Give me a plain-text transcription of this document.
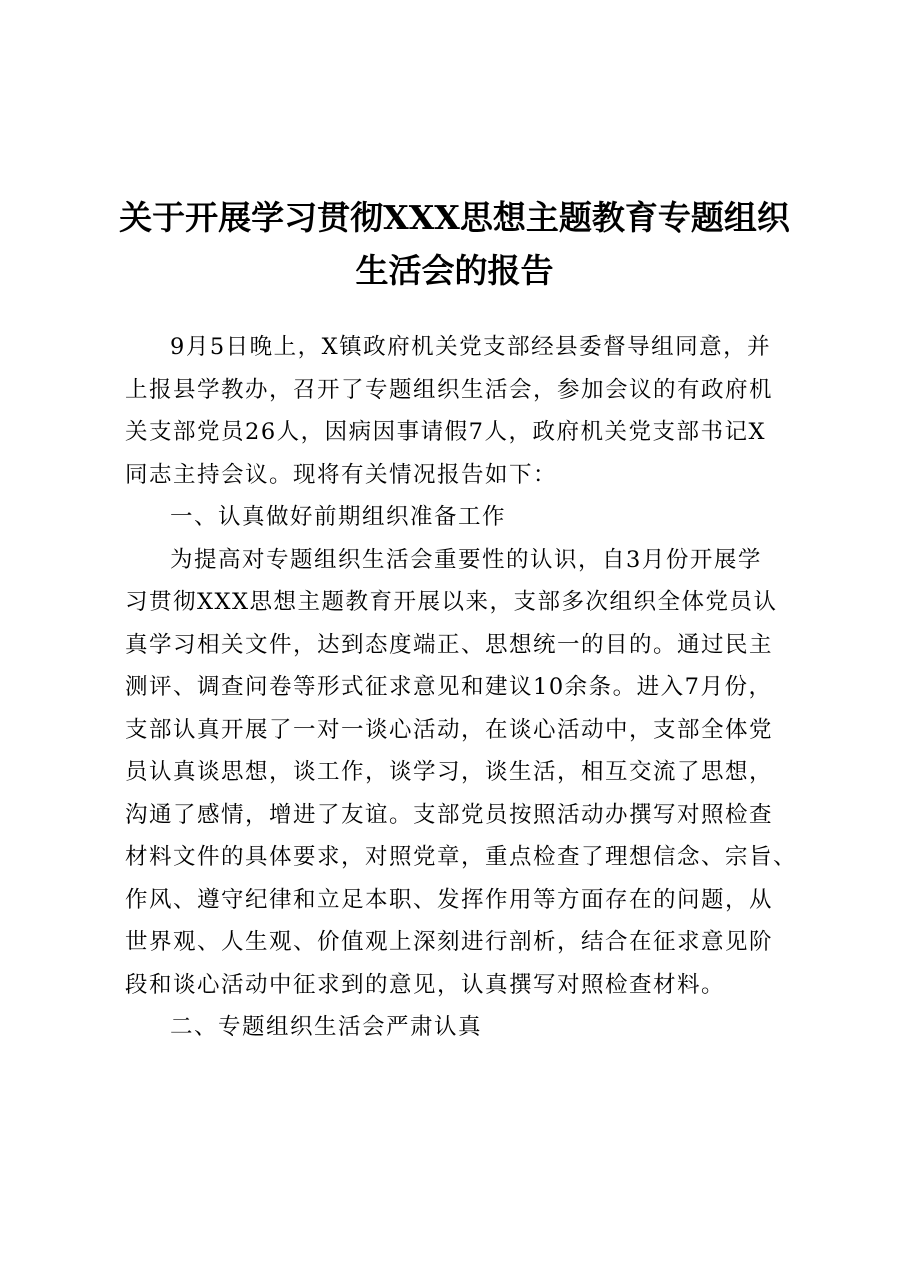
关于开展学习贯彻XXX思想主题教育专题组织
生活会的报告
9月5日晚上，X镇政府机关党支部经县委督导组同意，并
上报县学教办，召开了专题组织生活会，参加会议的有政府机
关支部党员26人，因病因事请假7人，政府机关党支部书记X
同志主持会议。现将有关情况报告如下：
一、认真做好前期组织准备工作
为提高对专题组织生活会重要性的认识，自3月份开展学
习贯彻XXX思想主题教育开展以来，支部多次组织全体党员认
真学习相关文件，达到态度端正、思想统一的目的。通过民主
测评、调查问卷等形式征求意见和建议10余条。进入7月份，
支部认真开展了一对一谈心活动，在谈心活动中，支部全体党
员认真谈思想，谈工作，谈学习，谈生活，相互交流了思想，
沟通了感情，增进了友谊。支部党员按照活动办撰写对照检查
材料文件的具体要求，对照党章，重点检查了理想信念、宗旨、
作风、遵守纪律和立足本职、发挥作用等方面存在的问题，从
世界观、人生观、价值观上深刻进行剖析，结合在征求意见阶
段和谈心活动中征求到的意见，认真撰写对照检查材料。
二、专题组织生活会严肃认真
